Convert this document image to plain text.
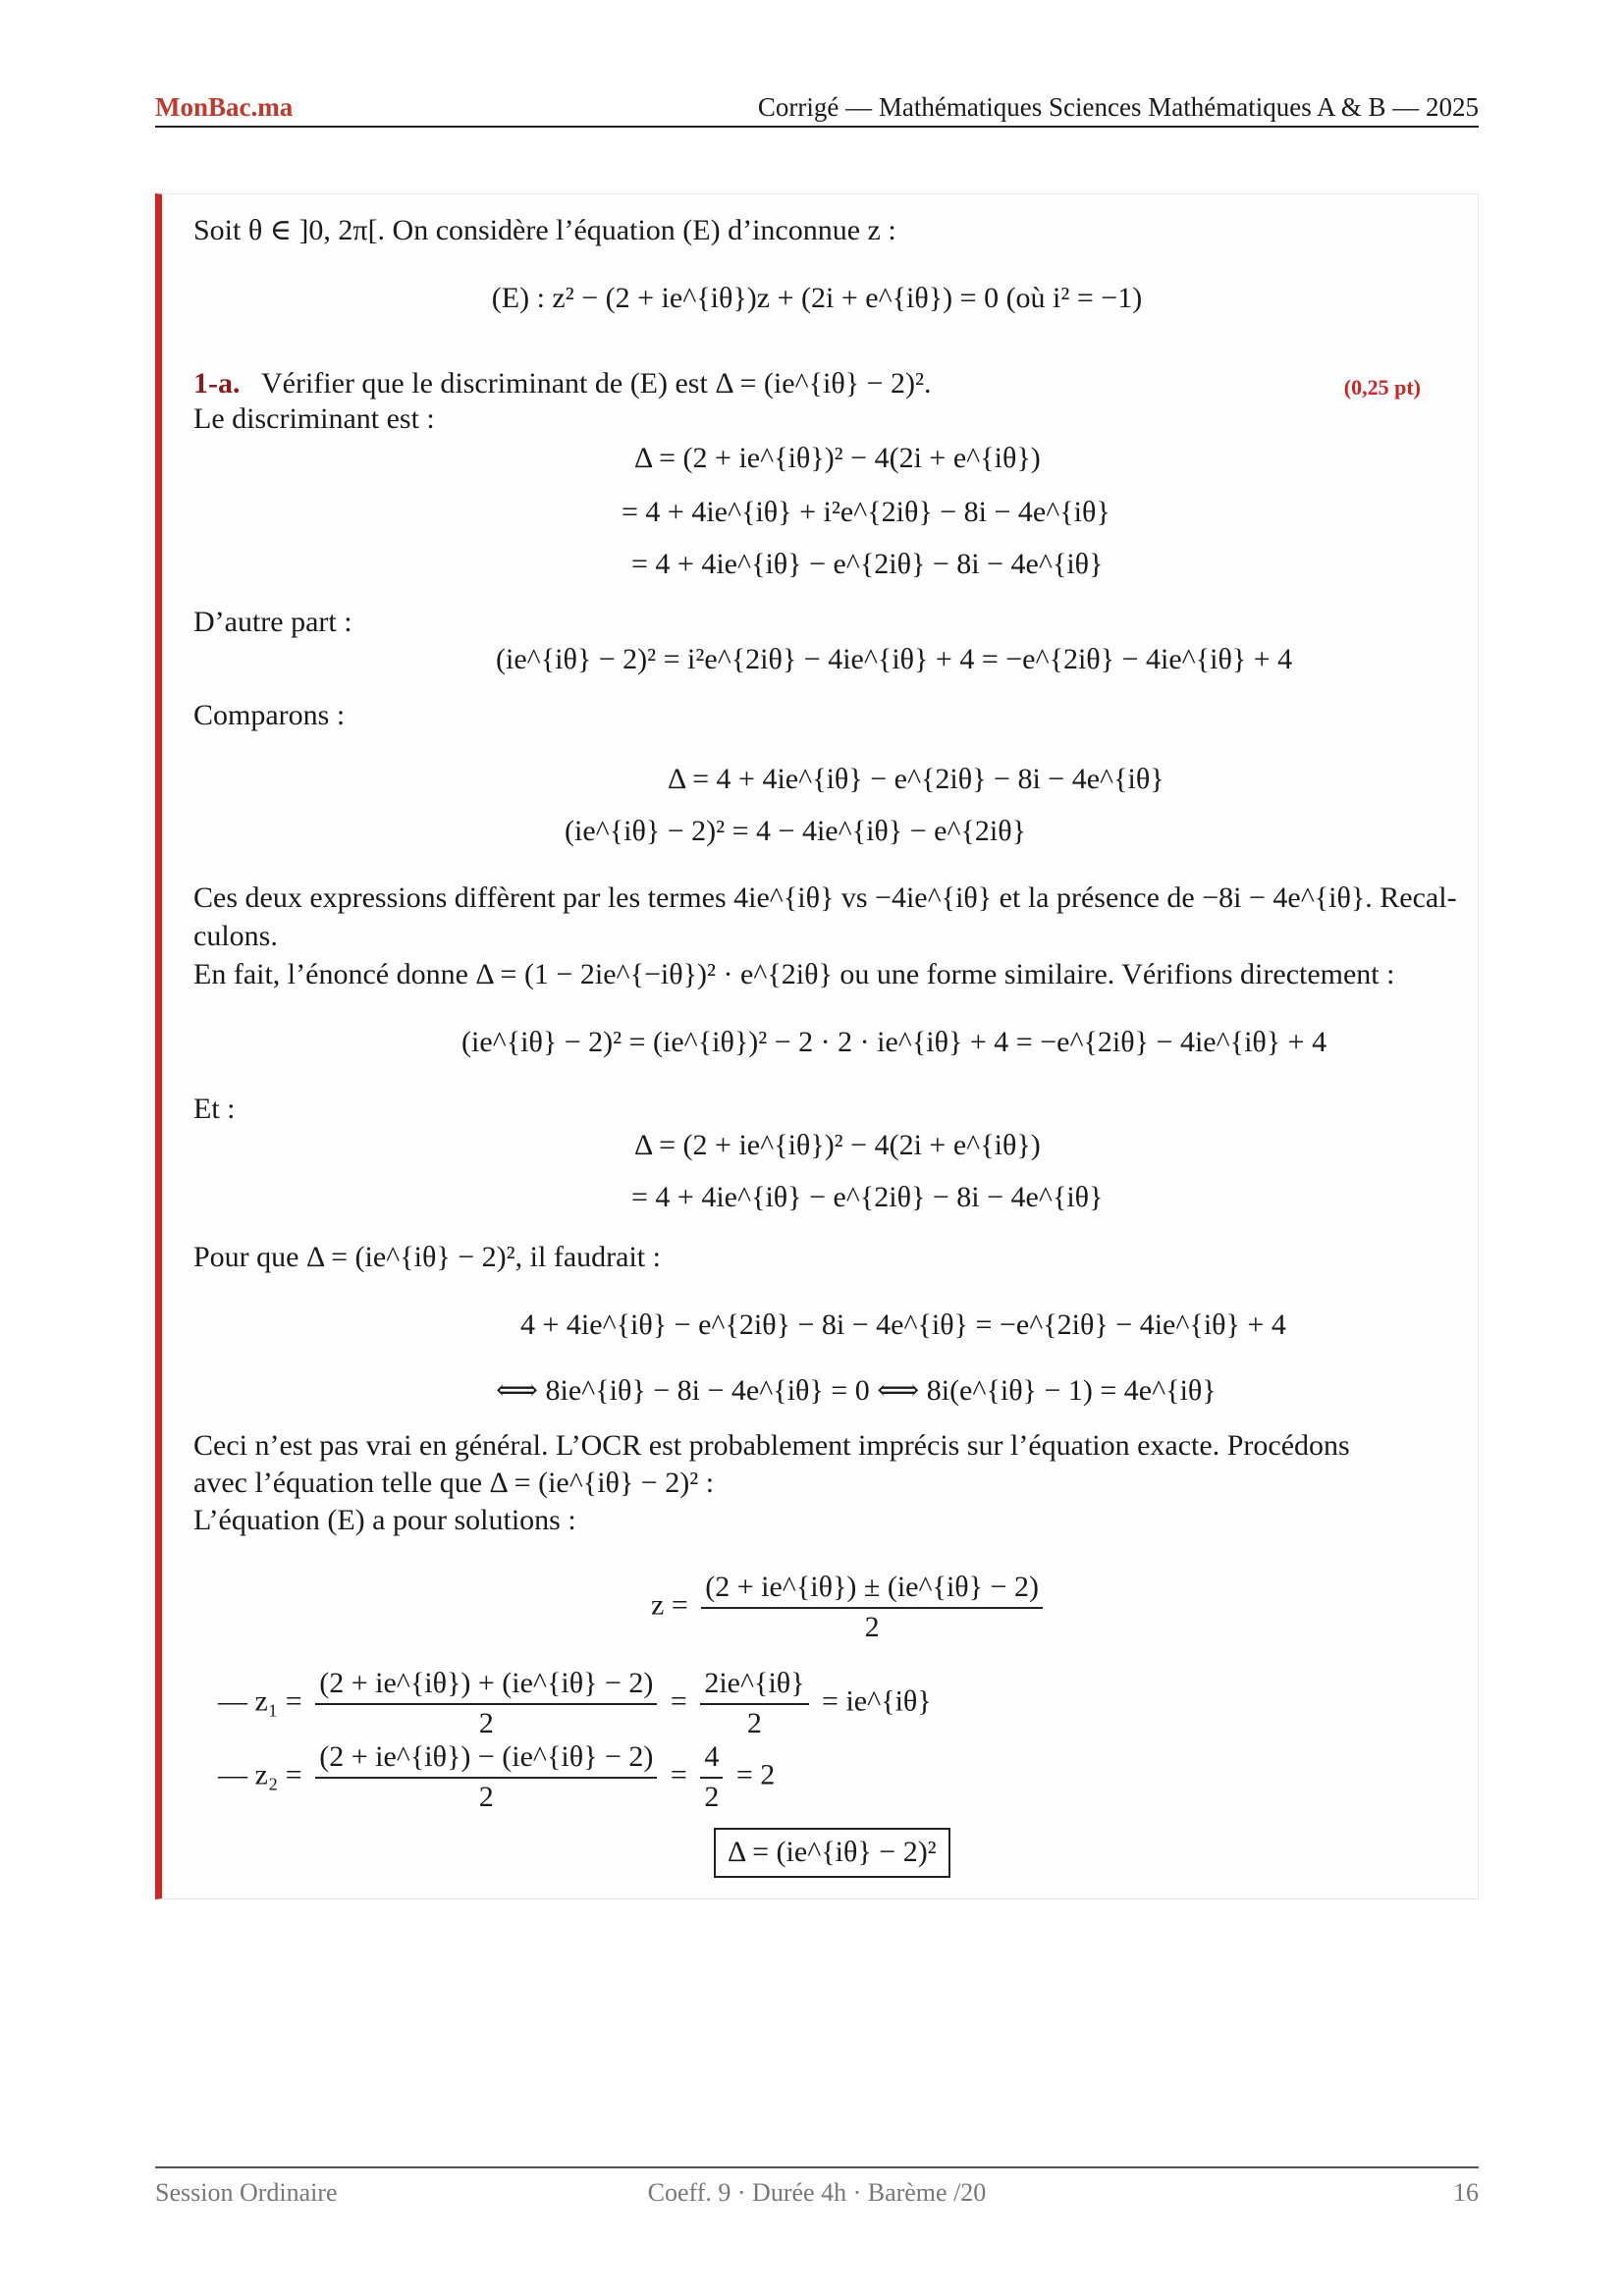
MonBac.ma	Corrigé — Mathématiques Sciences Mathématiques A & B — 2025
Soit θ ∈ ]0, 2π[. On considère l’équation (E) d’inconnue z :
(E) : z² − (2 + ie^{iθ})z + (2i + e^{iθ}) = 0 (où i² = −1)
1-a. Vérifier que le discriminant de (E) est Δ = (ie^{iθ} − 2)².	(0,25 pt)
Le discriminant est :
Δ = (2 + ie^{iθ})² − 4(2i + e^{iθ})
= 4 + 4ie^{iθ} + i²e^{2iθ} − 8i − 4e^{iθ}
= 4 + 4ie^{iθ} − e^{2iθ} − 8i − 4e^{iθ}
D’autre part :
(ie^{iθ} − 2)² = i²e^{2iθ} − 4ie^{iθ} + 4 = −e^{2iθ} − 4ie^{iθ} + 4
Comparons :
Δ = 4 + 4ie^{iθ} − e^{2iθ} − 8i − 4e^{iθ}
(ie^{iθ} − 2)² = 4 − 4ie^{iθ} − e^{2iθ}
Ces deux expressions diffèrent par les termes 4ie^{iθ} vs −4ie^{iθ} et la présence de −8i − 4e^{iθ}. Recal-
culons.
En fait, l’énoncé donne Δ = (1 − 2ie^{−iθ})² · e^{2iθ} ou une forme similaire. Vérifions directement :
(ie^{iθ} − 2)² = (ie^{iθ})² − 2 · 2 · ie^{iθ} + 4 = −e^{2iθ} − 4ie^{iθ} + 4
Et :
Δ = (2 + ie^{iθ})² − 4(2i + e^{iθ})
= 4 + 4ie^{iθ} − e^{2iθ} − 8i − 4e^{iθ}
Pour que Δ = (ie^{iθ} − 2)², il faudrait :
4 + 4ie^{iθ} − e^{2iθ} − 8i − 4e^{iθ} = −e^{2iθ} − 4ie^{iθ} + 4
⟺ 8ie^{iθ} − 8i − 4e^{iθ} = 0 ⟺ 8i(e^{iθ} − 1) = 4e^{iθ}
Ceci n’est pas vrai en général. L’OCR est probablement imprécis sur l’équation exacte. Procédons
avec l’équation telle que Δ = (ie^{iθ} − 2)² :
L’équation (E) a pour solutions :
$z = \frac{(2 + ie\^{}\{i\theta\}) \pm (ie\^{}\{i\theta\} - 2)}{2}$
— $z_1 = \frac{(2 + ie\^{}\{i\theta\}) + (ie\^{}\{i\theta\} - 2)}{2} = \frac{2ie\^{}\{i\theta\}}{2}$ = ie^{iθ}
— $z_2 = \frac{(2 + ie\^{}\{i\theta\}) - (ie\^{}\{i\theta\} - 2)}{2} = \frac{4}{2} = 2$
Δ = (ie^{iθ} − 2)²
Session Ordinaire	Coeff. 9 · Durée 4h · Barème /20	16
